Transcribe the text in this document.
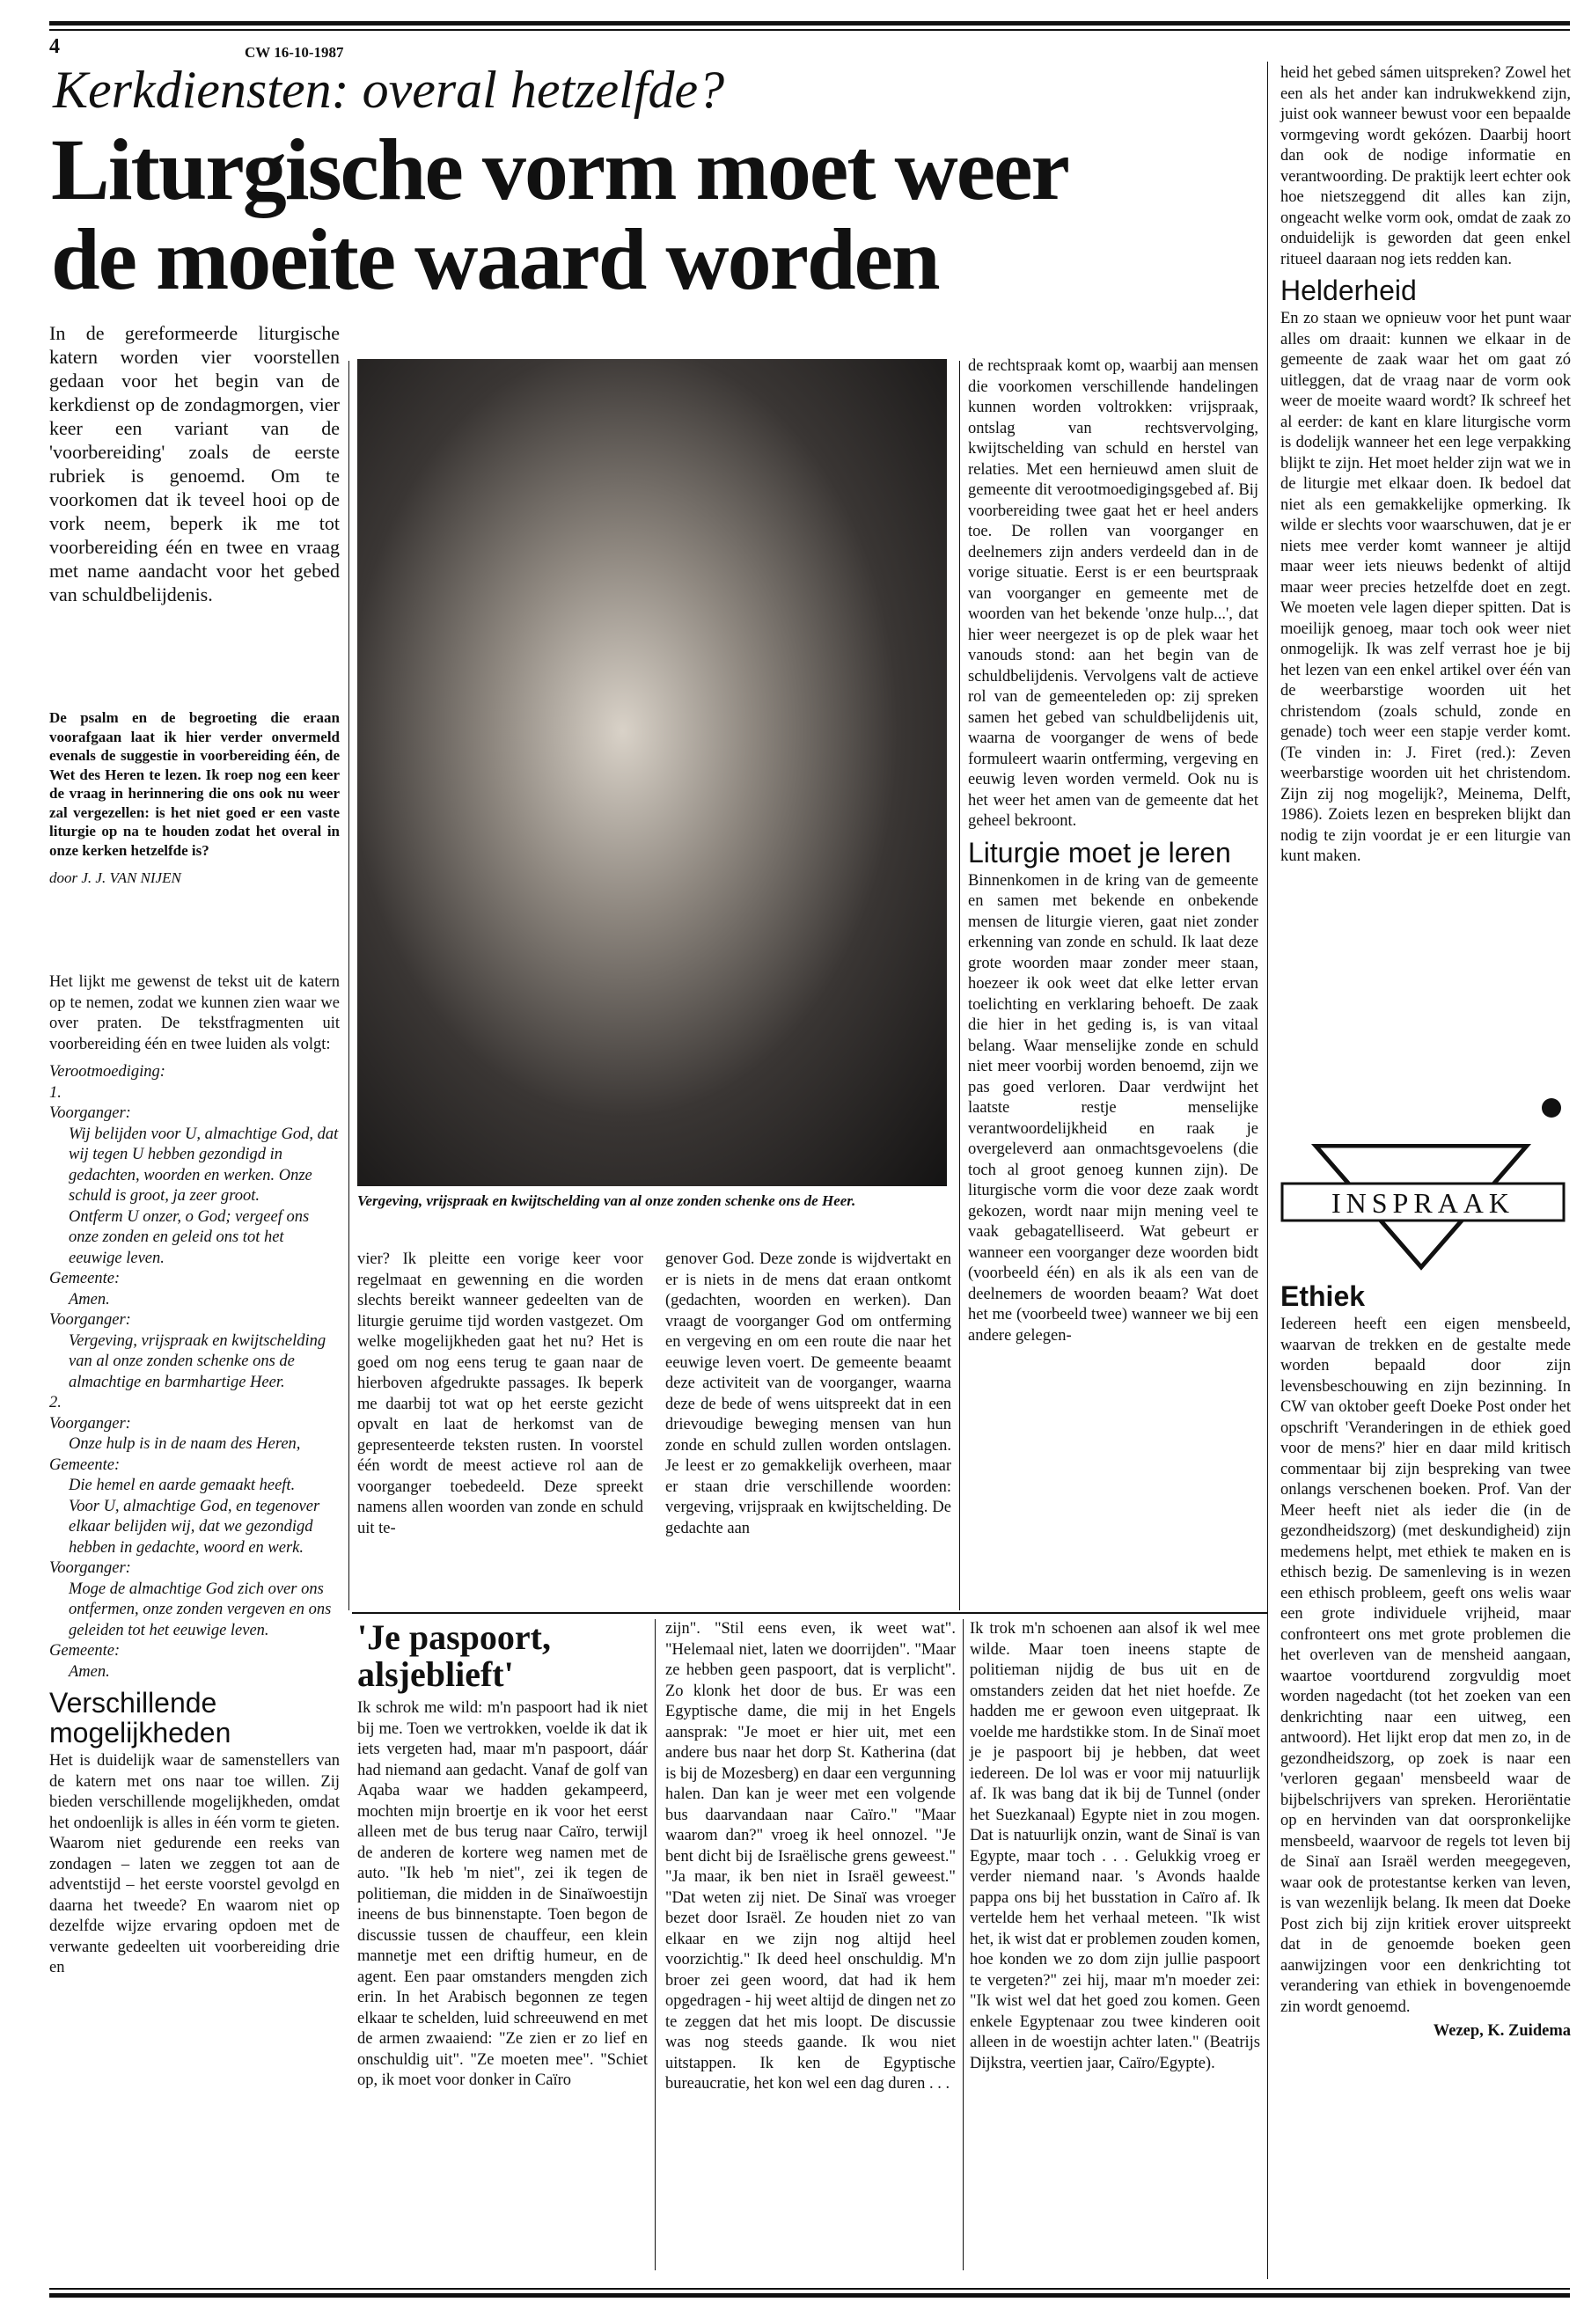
4	CW 16-10-1987
Kerkdiensten: overal hetzelfde?
Liturgische vorm moet weer
de moeite waard worden

In de gereformeerde liturgische katern worden vier voorstellen gedaan voor het begin van de kerkdienst op de zondagmorgen, vier keer een variant van de 'voorbereiding' zoals de eerste rubriek is genoemd. Om te voorkomen dat ik teveel hooi op de vork neem, beperk ik me tot voorbereiding één en twee en vraag met name aandacht voor het gebed van schuldbelijdenis.

De psalm en de begroeting die eraan voorafgaan laat ik hier verder onvermeld evenals de suggestie in voorbereiding één, de Wet des Heren te lezen. Ik roep nog een keer de vraag in herinnering die ons ook nu weer zal vergezellen: is het niet goed er een vaste liturgie op na te houden zodat het overal in onze kerken hetzelfde is?

door J. J. VAN NIJEN

Het lijkt me gewenst de tekst uit de katern op te nemen, zodat we kunnen zien waar we over praten. De tekstfragmenten uit voorbereiding één en twee luiden als volgt:

Verootmoediging:
1.
Voorganger:
Wij belijden voor U, almachtige God, dat wij tegen U hebben gezondigd in gedachten, woorden en werken. Onze schuld is groot, ja zeer groot.
Ontferm U onzer, o God; vergeef ons onze zonden en geleid ons tot het eeuwige leven.
Gemeente:
Amen.
Voorganger:
Vergeving, vrijspraak en kwijtschelding van al onze zonden schenke ons de almachtige en barmhartige Heer.
2.
Voorganger:
Onze hulp is in de naam des Heren,
Gemeente:
Die hemel en aarde gemaakt heeft.
Voor U, almachtige God, en tegenover elkaar belijden wij, dat we gezondigd hebben in gedachte, woord en werk.
Voorganger:
Moge de almachtige God zich over ons ontfermen, onze zonden vergeven en ons geleiden tot het eeuwige leven.
Gemeente:
Amen.
Verschillende mogelijkheden

Het is duidelijk waar de samenstellers van de katern met ons naar toe willen. Zij bieden verschillende mogelijkheden, omdat het ondoenlijk is alles in één vorm te gieten. Waarom niet gedurende een reeks van zondagen – laten we zeggen tot aan de adventstijd – het eerste voorstel gevolgd en daarna het tweede? En waarom niet op dezelfde wijze ervaring opdoen met de verwante gedeelten uit voorbereiding drie en

Vergeving, vrijspraak en kwijtschelding van al onze zonden schenke ons de Heer.

vier? Ik pleitte een vorige keer voor regelmaat en gewenning en die worden slechts bereikt wanneer gedeelten van de liturgie geruime tijd worden vastgezet. Om welke mogelijkheden gaat het nu? Het is goed om nog eens terug te gaan naar de hierboven afgedrukte passages. Ik beperk me daarbij tot wat op het eerste gezicht opvalt en laat de herkomst van de gepresenteerde teksten rusten. In voorstel één wordt de meest actieve rol aan de voorganger toebedeeld. Deze spreekt namens allen woorden van zonde en schuld uit te-

genover God. Deze zonde is wijdvertakt en er is niets in de mens dat eraan ontkomt (gedachten, woorden en werken). Dan vraagt de voorganger God om ontferming en vergeving en om een route die naar het eeuwige leven voert. De gemeente beaamt deze activiteit van de voorganger, waarna deze de bede of wens uitspreekt dat in een drievoudige beweging mensen van hun zonde en schuld zullen worden ontslagen. Je leest er zo gemakkelijk overheen, maar er staan drie verschillende woorden: vergeving, vrijspraak en kwijtschelding. De gedachte aan

de rechtspraak komt op, waarbij aan mensen die voorkomen verschillende handelingen kunnen worden voltrokken: vrijspraak, ontslag van rechtsvervolging, kwijtschelding van schuld en herstel van relaties. Met een hernieuwd amen sluit de gemeente dit verootmoedigingsgebed af. Bij voorbereiding twee gaat het er heel anders toe. De rollen van voorganger en deelnemers zijn anders verdeeld dan in de vorige situatie. Eerst is er een beurtspraak van voorganger en gemeente met de woorden van het bekende 'onze hulp...', dat hier weer neergezet is op de plek waar het vanouds stond: aan het begin van de schuldbelijdenis. Vervolgens valt de actieve rol van de gemeenteleden op: zij spreken samen het gebed van schuldbelijdenis uit, waarna de voorganger de wens of bede formuleert waarin ontferming, vergeving en eeuwig leven worden vermeld. Ook nu is het weer het amen van de gemeente dat het geheel bekroont.

Liturgie moet je leren

Binnenkomen in de kring van de gemeente en samen met bekende en onbekende mensen de liturgie vieren, gaat niet zonder erkenning van zonde en schuld. Ik laat deze grote woorden maar zonder meer staan, hoezeer ik ook weet dat elke letter ervan toelichting en verklaring behoeft. De zaak die hier in het geding is, is van vitaal belang. Waar menselijke zonde en schuld niet meer voorbij worden benoemd, zijn we pas goed verloren. Daar verdwijnt het laatste restje menselijke verantwoordelijkheid en raak je overgeleverd aan onmachtsgevoelens (die toch al groot genoeg kunnen zijn). De liturgische vorm die voor deze zaak wordt gekozen, wordt naar mijn mening veel te vaak gebagatelliseerd. Wat gebeurt er wanneer een voorganger deze woorden bidt (voorbeeld één) en als ik als een van de deelnemers de woorden beaam? Wat doet het me (voorbeeld twee) wanneer we bij een andere gelegen-

heid het gebed sámen uitspreken? Zowel het een als het ander kan indrukwekkend zijn, juist ook wanneer bewust voor een bepaalde vormgeving wordt gekózen. Daarbij hoort dan ook de nodige informatie en verantwoording. De praktijk leert echter ook hoe nietszeggend dit alles kan zijn, ongeacht welke vorm ook, omdat de zaak zo onduidelijk is geworden dat geen enkel ritueel daaraan nog iets redden kan.

Helderheid

En zo staan we opnieuw voor het punt waar alles om draait: kunnen we elkaar in de gemeente de zaak waar het om gaat zó uitleggen, dat de vraag naar de vorm ook weer de moeite waard wordt? Ik schreef het al eerder: de kant en klare liturgische vorm is dodelijk wanneer het een lege verpakking blijkt te zijn. Het moet helder zijn wat we in de liturgie met elkaar doen. Ik bedoel dat niet als een gemakkelijke opmerking. Ik wilde er slechts voor waarschuwen, dat je er niets mee verder komt wanneer je altijd maar weer iets nieuws bedenkt of altijd maar weer precies hetzelfde doet en zegt. We moeten vele lagen dieper spitten. Dat is moeilijk genoeg, maar toch ook weer niet onmogelijk. Ik was zelf verrast hoe je bij het lezen van een enkel artikel over één van de weerbarstige woorden uit het christendom (zoals schuld, zonde en genade) toch weer een stapje verder komt. (Te vinden in: J. Firet (red.): Zeven weerbarstige woorden uit het christendom. Zijn zij nog mogelijk?, Meinema, Delft, 1986). Zoiets lezen en bespreken blijkt dan nodig te zijn voordat je er een liturgie van kunt maken.

INSPRAAK
Ethiek

Iedereen heeft een eigen mensbeeld, waarvan de trekken en de gestalte mede worden bepaald door zijn levensbeschouwing en zijn bezinning. In CW van oktober geeft Doeke Post onder het opschrift 'Veranderingen in de ethiek goed voor de mens?' hier en daar mild kritisch commentaar bij zijn bespreking van twee onlangs verschenen boeken. Prof. Van der Meer heeft niet als ieder die (in de gezondheidszorg) (met deskundigheid) zijn medemens helpt, met ethiek te maken en is ethisch bezig. De samenleving is in wezen een ethisch probleem, geeft ons welis waar een grote individuele vrijheid, maar confronteert ons met grote problemen die het overleven van de mensheid aangaan, waartoe voortdurend zorgvuldig moet worden nagedacht (tot het zoeken van een denkrichting naar een uitweg, een antwoord). Het lijkt erop dat men zo, in de gezondheidszorg, op zoek is naar een 'verloren gegaan' mensbeeld waar de bijbelschrijvers van spreken. Heroriëntatie op en hervinden van dat oorspronkelijke mensbeeld, waarvoor de regels tot leven bij de Sinaï aan Israël werden meegegeven, waar ook de protestantse kerken van leven, is van wezenlijk belang. Ik meen dat Doeke Post zich bij zijn kritiek erover uitspreekt dat in de genoemde boeken geen aanwijzingen voor een denkrichting tot verandering van ethiek in bovengenoemde zin wordt genoemd.

Wezep, K. Zuidema
'Je paspoort, alsjeblieft'

Ik schrok me wild: m'n paspoort had ik niet bij me. Toen we vertrokken, voelde ik dat ik iets vergeten had, maar m'n paspoort, dáár had niemand aan gedacht. Vanaf de golf van Aqaba waar we hadden gekampeerd, mochten mijn broertje en ik voor het eerst alleen met de bus terug naar Caïro, terwijl de anderen de kortere weg namen met de auto. "Ik heb 'm niet", zei ik tegen de politieman, die midden in de Sinaïwoestijn ineens de bus binnenstapte. Toen begon de discussie tussen de chauffeur, een klein mannetje met een driftig humeur, en de agent. Een paar omstanders mengden zich erin. In het Arabisch begonnen ze tegen elkaar te schelden, luid schreeuwend en met de armen zwaaiend: "Ze zien er zo lief en onschuldig uit". "Ze moeten mee". "Schiet op, ik moet voor donker in Caïro

zijn". "Stil eens even, ik weet wat". "Helemaal niet, laten we doorrijden". "Maar ze hebben geen paspoort, dat is verplicht". Zo klonk het door de bus. Er was een Egyptische dame, die mij in het Engels aansprak: "Je moet er hier uit, met een andere bus naar het dorp St. Katherina (dat is bij de Mozesberg) en daar een vergunning halen. Dan kan je weer met een volgende bus daarvandaan naar Caïro." "Maar waarom dan?" vroeg ik heel onnozel. "Je bent dicht bij de Israëlische grens geweest." "Ja maar, ik ben niet in Israël geweest." "Dat weten zij niet. De Sinaï was vroeger bezet door Israël. Ze houden niet zo van elkaar en we zijn nog altijd heel voorzichtig." Ik deed heel onschuldig. M'n broer zei geen woord, dat had ik hem opgedragen - hij weet altijd de dingen net zo te zeggen dat het mis loopt. De discussie was nog steeds gaande. Ik wou niet uitstappen. Ik ken de Egyptische bureaucratie, het kon wel een dag duren . . .

Ik trok m'n schoenen aan alsof ik wel mee wilde. Maar toen ineens stapte de politieman nijdig de bus uit en de omstanders zeiden dat het niet hoefde. Ze hadden me er gewoon even uitgepraat. Ik voelde me hardstikke stom. In de Sinaï moet je je paspoort bij je hebben, dat weet iedereen. De lol was er voor mij natuurlijk af. Ik was bang dat ik bij de Tunnel (onder het Suezkanaal) Egypte niet in zou mogen. Dat is natuurlijk onzin, want de Sinaï is van Egypte, maar toch . . . Gelukkig vroeg er verder niemand naar. 's Avonds haalde pappa ons bij het busstation in Caïro af. Ik vertelde hem het verhaal meteen. "Ik wist het, ik wist dat er problemen zouden komen, hoe konden we zo dom zijn jullie paspoort te vergeten?" zei hij, maar m'n moeder zei: "Ik wist wel dat het goed zou komen. Geen enkele Egyptenaar zou twee kinderen ooit alleen in de woestijn achter laten." (Beatrijs Dijkstra, veertien jaar, Caïro/Egypte).
